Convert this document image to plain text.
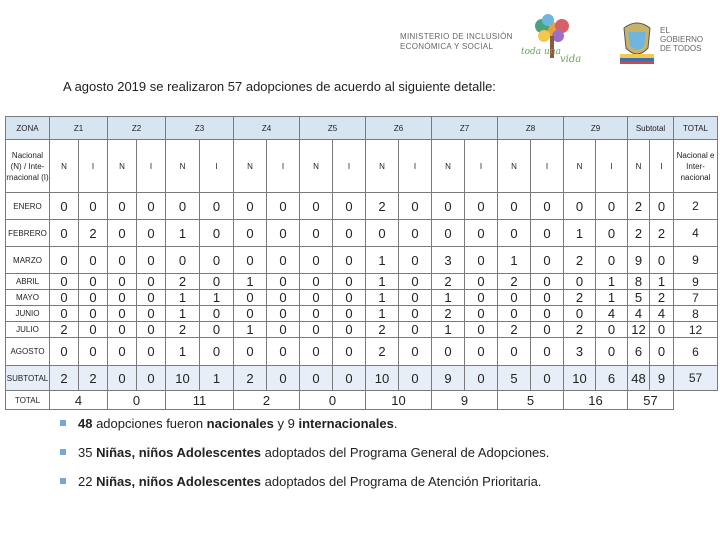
MINISTERIO DE INCLUSIÓN
ECONÓMICA Y SOCIAL
toda una
vida
EL
GOBIERNO
DE TODOS
A agosto 2019 se realizaron 57 adopciones de acuerdo al siguiente detalle:
ZONA	Z1		Z2		Z3		Z4		Z5		Z6		Z7		Z8		Z9		Subtotal		TOTAL
Nacional (N) / Inte-rnacional (I)	N	I	N	I	N	I	N	I	N	I	N	I	N	I	N	I	N	I	N	I	Nacional e Inter-nacional
ENERO	0	0	0	0	0	0	0	0	0	0	2	0	0	0	0	0	0	0	2	0	2
FEBRERO	0	2	0	0	1	0	0	0	0	0	0	0	0	0	0	0	1	0	2	2	4
MARZO	0	0	0	0	0	0	0	0	0	0	1	0	3	0	1	0	2	0	9	0	9
ABRIL	0	0	0	0	2	0	1	0	0	0	1	0	2	0	2	0	0	1	8	1	9
MAYO	0	0	0	0	1	1	0	0	0	0	1	0	1	0	0	0	2	1	5	2	7
JUNIO	0	0	0	0	1	0	0	0	0	0	1	0	2	0	0	0	0	4	4	4	8
JULIO	2	0	0	0	2	0	1	0	0	0	2	0	1	0	2	0	2	0	12	0	12
AGOSTO	0	0	0	0	1	0	0	0	0	0	2	0	0	0	0	0	3	0	6	0	6
SUBTOTAL	2	2	0	0	10	1	2	0	0	0	10	0	9	0	5	0	10	6	48	9	57
TOTAL	4		0		11		2		0		10		9		5		16		57		
48 adopciones fueron nacionales y 9 internacionales.
35 Niñas, niños Adolescentes adoptados del Programa General de Adopciones.
22 Niñas, niños Adolescentes adoptados del Programa de Atención Prioritaria.
